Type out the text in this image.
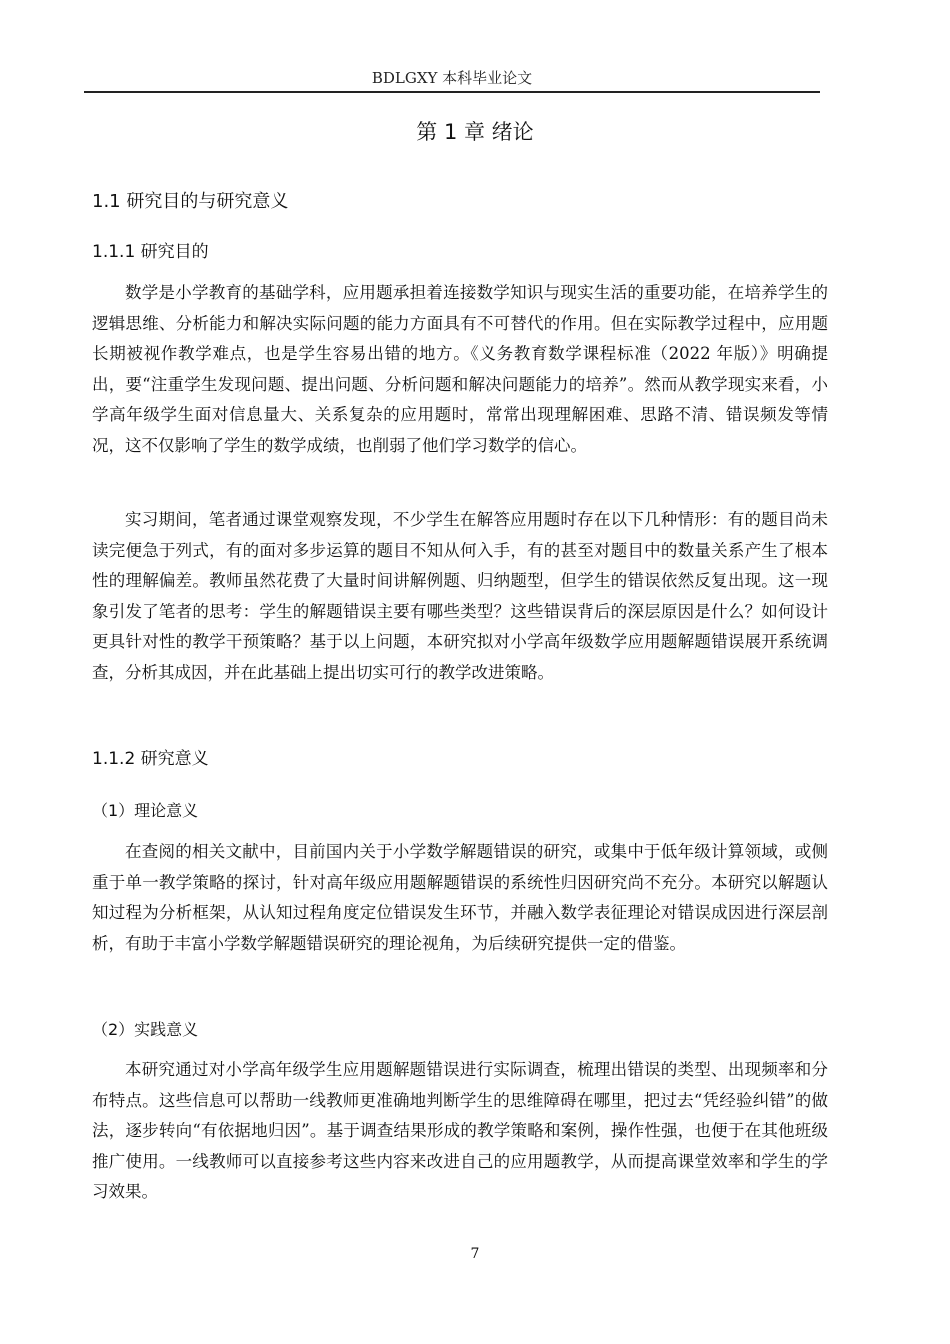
BDLGXY 本科毕业论文
第 1 章 绪论
1.1 研究目的与研究意义
1.1.1 研究目的
数学是小学教育的基础学科，应用题承担着连接数学知识与现实生活的重要功能，在培养学生的逻辑思维、分析能力和解决实际问题的能力方面具有不可替代的作用。但在实际教学过程中，应用题长期被视作教学难点，也是学生容易出错的地方。《义务教育数学课程标准（2022 年版）》明确提出，要“注重学生发现问题、提出问题、分析问题和解决问题能力的培养”。然而从教学现实来看，小学高年级学生面对信息量大、关系复杂的应用题时，常常出现理解困难、思路不清、错误频发等情况，这不仅影响了学生的数学成绩，也削弱了他们学习数学的信心。
实习期间，笔者通过课堂观察发现，不少学生在解答应用题时存在以下几种情形：有的题目尚未读完便急于列式，有的面对多步运算的题目不知从何入手，有的甚至对题目中的数量关系产生了根本性的理解偏差。教师虽然花费了大量时间讲解例题、归纳题型，但学生的错误依然反复出现。这一现象引发了笔者的思考：学生的解题错误主要有哪些类型？这些错误背后的深层原因是什么？如何设计更具针对性的教学干预策略？基于以上问题，本研究拟对小学高年级数学应用题解题错误展开系统调查，分析其成因，并在此基础上提出切实可行的教学改进策略。
1.1.2 研究意义
（1）理论意义
在查阅的相关文献中，目前国内关于小学数学解题错误的研究，或集中于低年级计算领域，或侧重于单一教学策略的探讨，针对高年级应用题解题错误的系统性归因研究尚不充分。本研究以解题认知过程为分析框架，从认知过程角度定位错误发生环节，并融入数学表征理论对错误成因进行深层剖析，有助于丰富小学数学解题错误研究的理论视角，为后续研究提供一定的借鉴。
（2）实践意义
本研究通过对小学高年级学生应用题解题错误进行实际调查，梳理出错误的类型、出现频率和分布特点。这些信息可以帮助一线教师更准确地判断学生的思维障碍在哪里，把过去“凭经验纠错”的做法，逐步转向“有依据地归因”。基于调查结果形成的教学策略和案例，操作性强，也便于在其他班级推广使用。一线教师可以直接参考这些内容来改进自己的应用题教学，从而提高课堂效率和学生的学习效果。
7
